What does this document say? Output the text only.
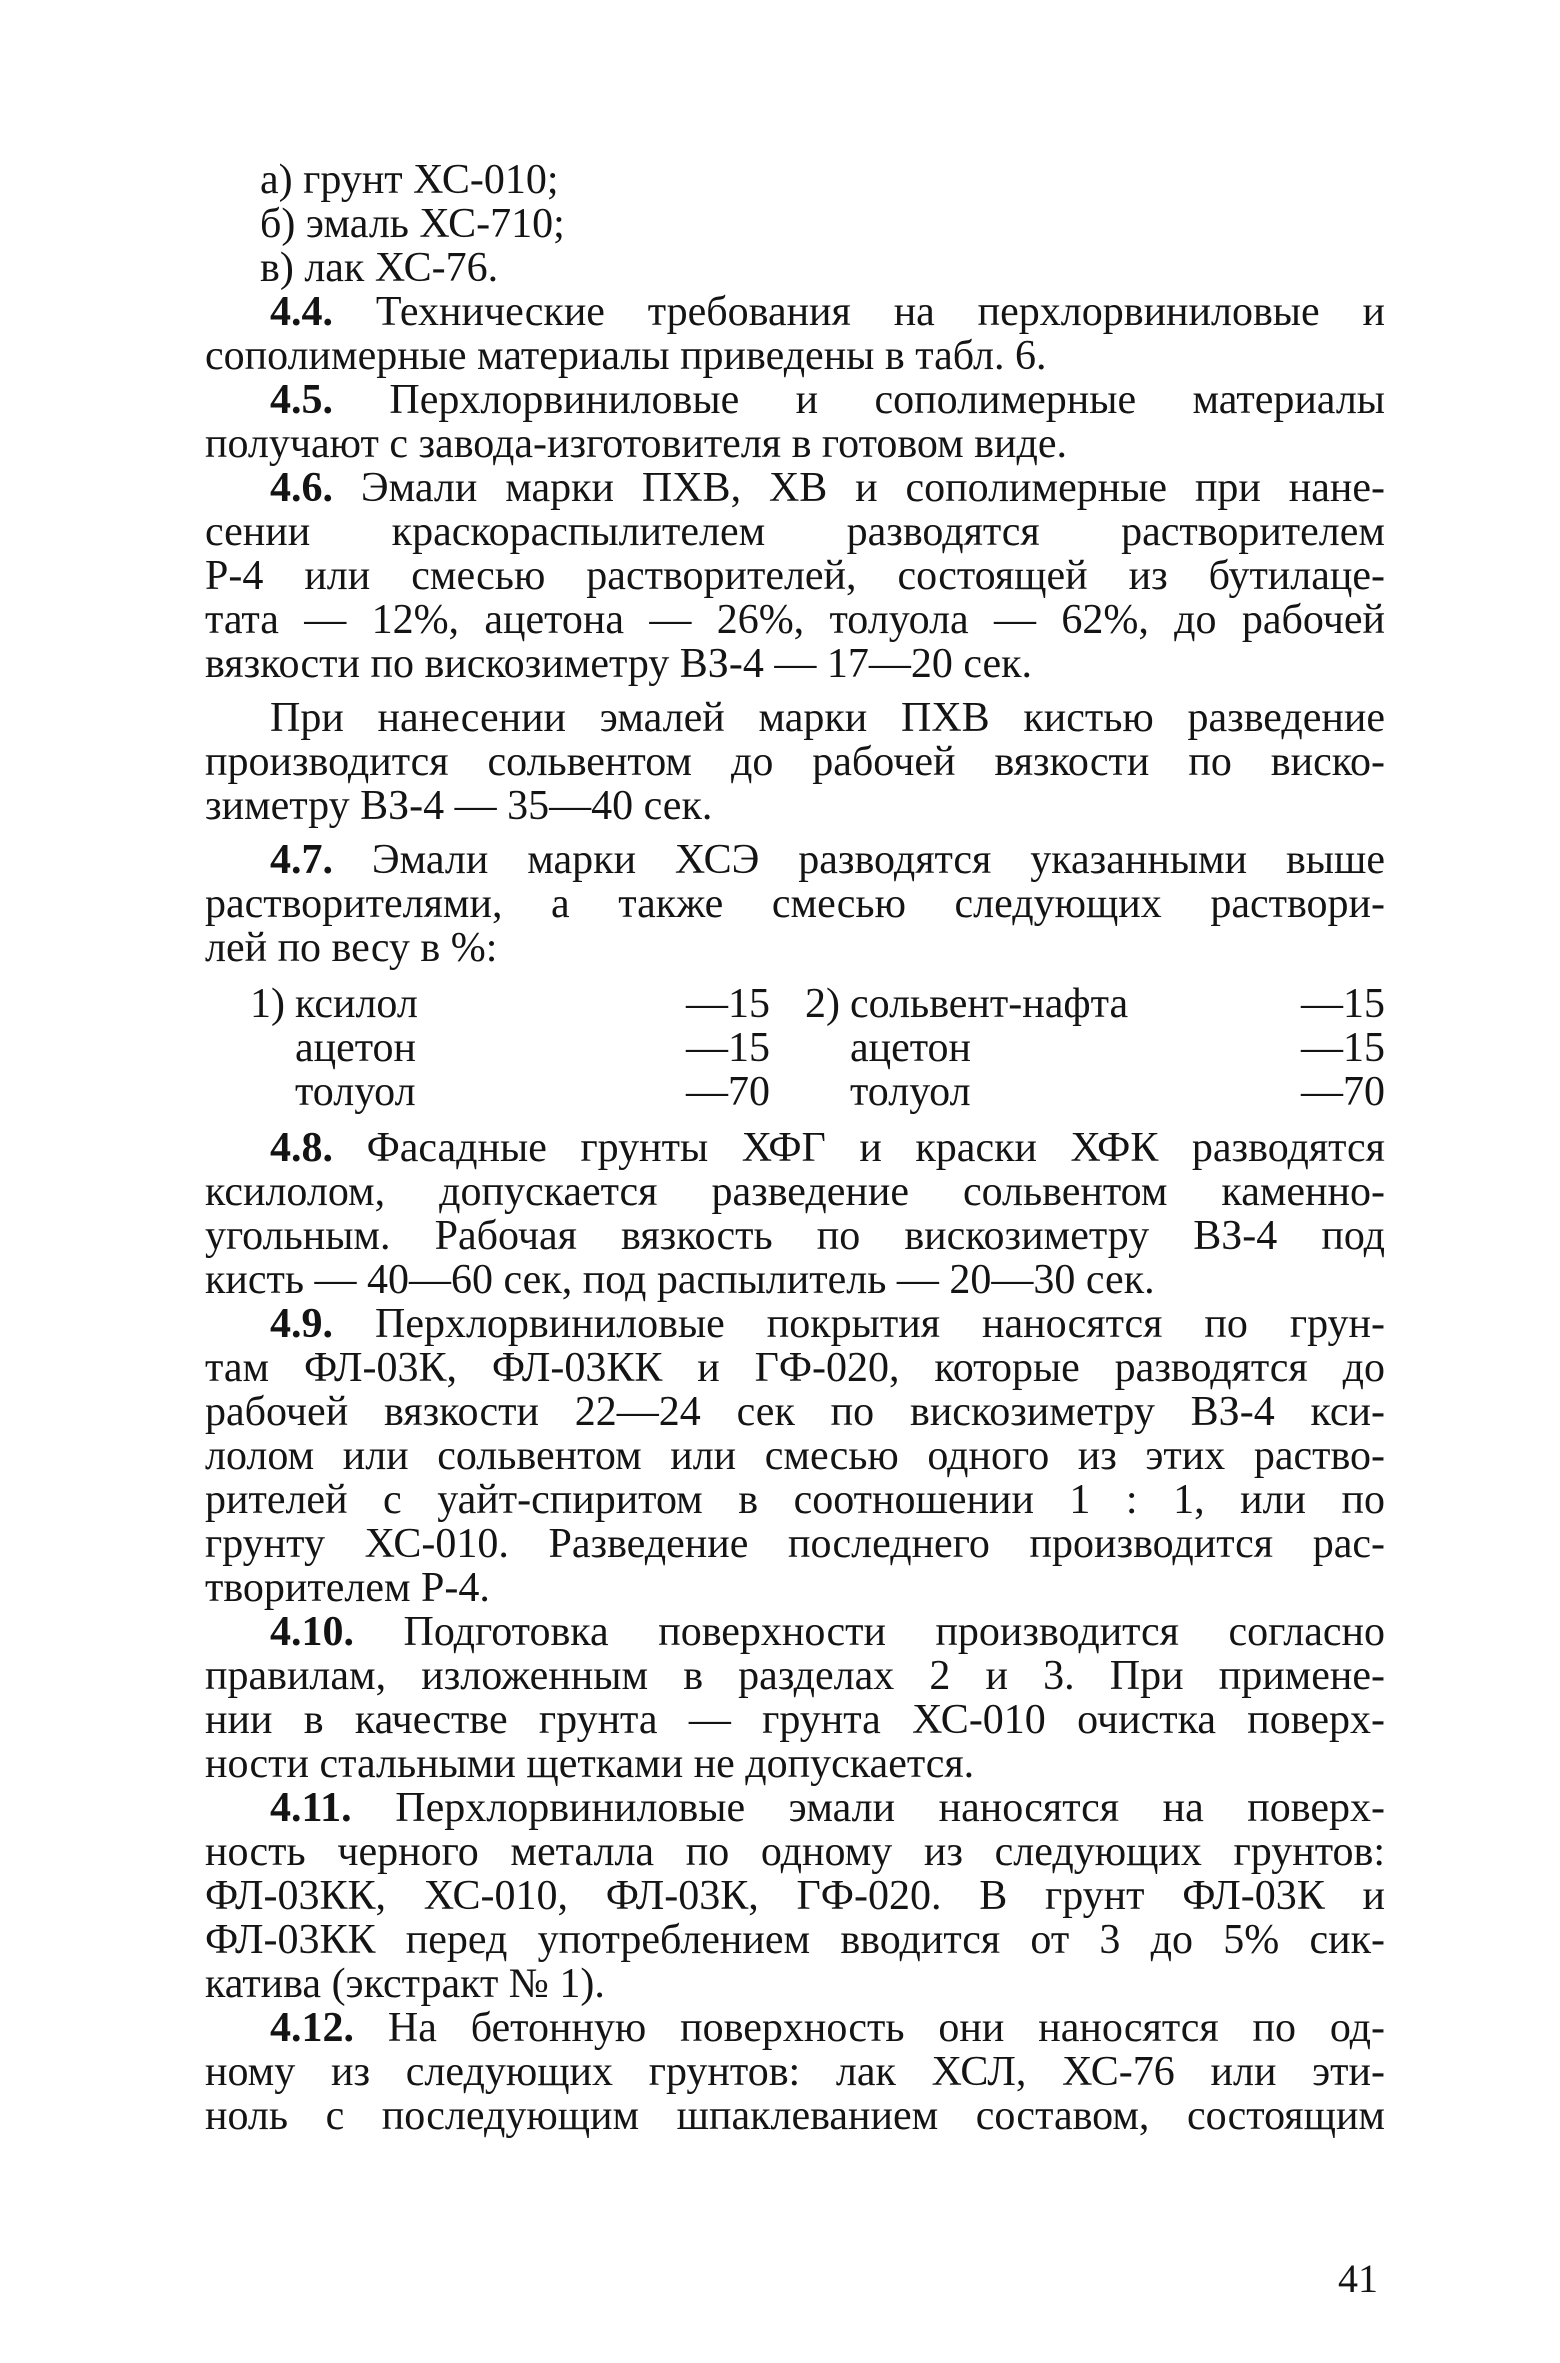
а) грунт ХС-010;
б) эмаль ХС-710;
в) лак ХС-76.
4.4. Технические требования на перхлорвиниловые и
сополимерные материалы приведены в табл. 6.
4.5. Перхлорвиниловые и сополимерные материалы
получают с завода-изготовителя в готовом виде.
4.6. Эмали марки ПХВ, ХВ и сополимерные при нане-
сении краскораспылителем разводятся растворителем
Р-4 или смесью растворителей, состоящей из бутилаце-
тата — 12%, ацетона — 26%, толуола — 62%, до рабочей
вязкости по вискозиметру ВЗ-4 — 17—20 сек.
При нанесении эмалей марки ПХВ кистью разведение
производится сольвентом до рабочей вязкости по виско-
зиметру ВЗ-4 — 35—40 сек.
4.7. Эмали марки ХСЭ разводятся указанными выше
растворителями, а также смесью следующих раствори-
лей по весу в %:
1)	ксилол	—15	2)	сольвент-нафта	—15
	ацетон	—15		ацетон	—15
	толуол	—70		толуол	—70
4.8. Фасадные грунты ХФГ и краски ХФК разводятся
ксилолом, допускается разведение сольвентом каменно-
угольным. Рабочая вязкость по вискозиметру ВЗ-4 под
кисть — 40—60 сек, под распылитель — 20—30 сек.
4.9. Перхлорвиниловые покрытия наносятся по грун-
там ФЛ-03К, ФЛ-03КК и ГФ-020, которые разводятся до
рабочей вязкости 22—24 сек по вискозиметру ВЗ-4 кси-
лолом или сольвентом или смесью одного из этих раство-
рителей с уайт-спиритом в соотношении 1 : 1, или по
грунту ХС-010. Разведение последнего производится рас-
творителем Р-4.
4.10. Подготовка поверхности производится согласно
правилам, изложенным в разделах 2 и 3. При примене-
нии в качестве грунта — грунта ХС-010 очистка поверх-
ности стальными щетками не допускается.
4.11. Перхлорвиниловые эмали наносятся на поверх-
ность черного металла по одному из следующих грунтов:
ФЛ-03КК, ХС-010, ФЛ-03К, ГФ-020. В грунт ФЛ-03К и
ФЛ-03КК перед употреблением вводится от 3 до 5% сик-
катива (экстракт № 1).
4.12. На бетонную поверхность они наносятся по од-
ному из следующих грунтов: лак ХСЛ, ХС-76 или эти-
ноль с последующим шпаклеванием составом, состоящим
41
